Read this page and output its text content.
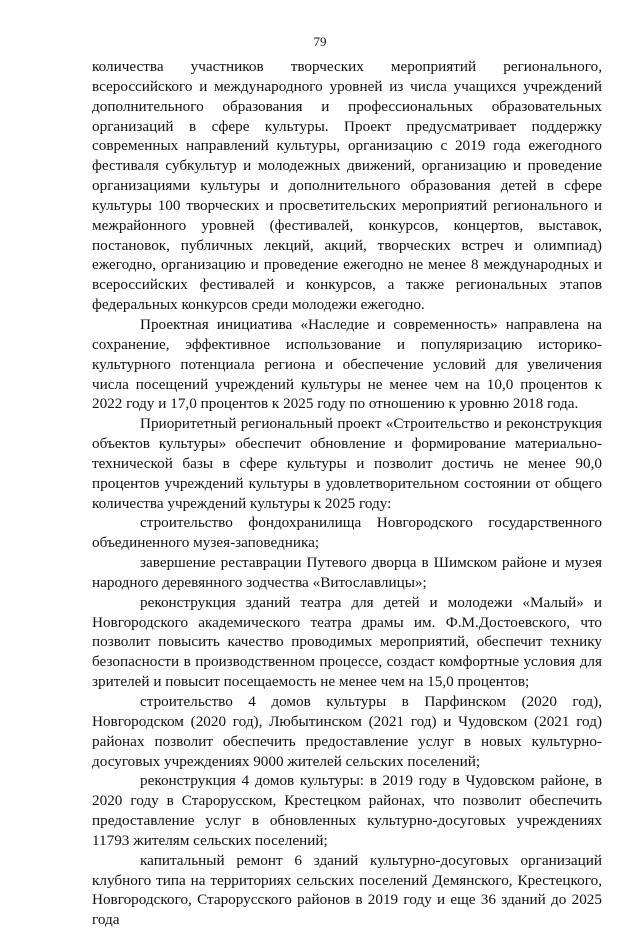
79

количества участников творческих мероприятий регионального, всероссийского и международного уровней из числа учащихся учреждений дополнительного образования и профессиональных образовательных организаций в сфере культуры. Проект предусматривает поддержку современных направлений культуры, организацию с 2019 года ежегодного фестиваля субкультур и молодежных движений, организацию и проведение организациями культуры и дополнительного образования детей в сфере культуры 100 творческих и просветительских мероприятий регионального и межрайонного уровней (фестивалей, конкурсов, концертов, выставок, постановок, публичных лекций, акций, творческих встреч и олимпиад) ежегодно, организацию и проведение ежегодно не менее 8 международных и всероссийских фестивалей и конкурсов, а также региональных этапов федеральных конкурсов среди молодежи ежегодно.

Проектная инициатива «Наследие и современность» направлена на сохранение, эффективное использование и популяризацию историко-культурного потенциала региона и обеспечение условий для увеличения числа посещений учреждений культуры не менее чем на 10,0 процентов к 2022 году и 17,0 процентов к 2025 году по отношению к уровню 2018 года.

Приоритетный региональный проект «Строительство и реконструкция объектов культуры» обеспечит обновление и формирование материально-технической базы в сфере культуры и позволит достичь не менее 90,0 процентов учреждений культуры в удовлетворительном состоянии от общего количества учреждений культуры к 2025 году:

строительство фондохранилища Новгородского государственного объединенного музея-заповедника;

завершение реставрации Путевого дворца в Шимском районе и музея народного деревянного зодчества «Витославлицы»;

реконструкция зданий театра для детей и молодежи «Малый» и Новгородского академического театра драмы им. Ф.М.Достоевского, что позволит повысить качество проводимых мероприятий, обеспечит технику безопасности в производственном процессе, создаст комфортные условия для зрителей и повысит посещаемость не менее чем на 15,0 процентов;

строительство 4 домов культуры в Парфинском (2020 год), Новгородском (2020 год), Любытинском (2021 год) и Чудовском (2021 год) районах позволит обеспечить предоставление услуг в новых культурно-досуговых учреждениях 9000 жителей сельских поселений;

реконструкция 4 домов культуры: в 2019 году в Чудовском районе, в 2020 году в Старорусском, Крестецком районах, что позволит обеспечить предоставление услуг в обновленных культурно-досуговых учреждениях 11793 жителям сельских поселений;

капитальный ремонт 6 зданий культурно-досуговых организаций клубного типа на территориях сельских поселений Демянского, Крестецкого, Новгородского, Старорусского районов в 2019 году и еще 36 зданий до 2025 года
